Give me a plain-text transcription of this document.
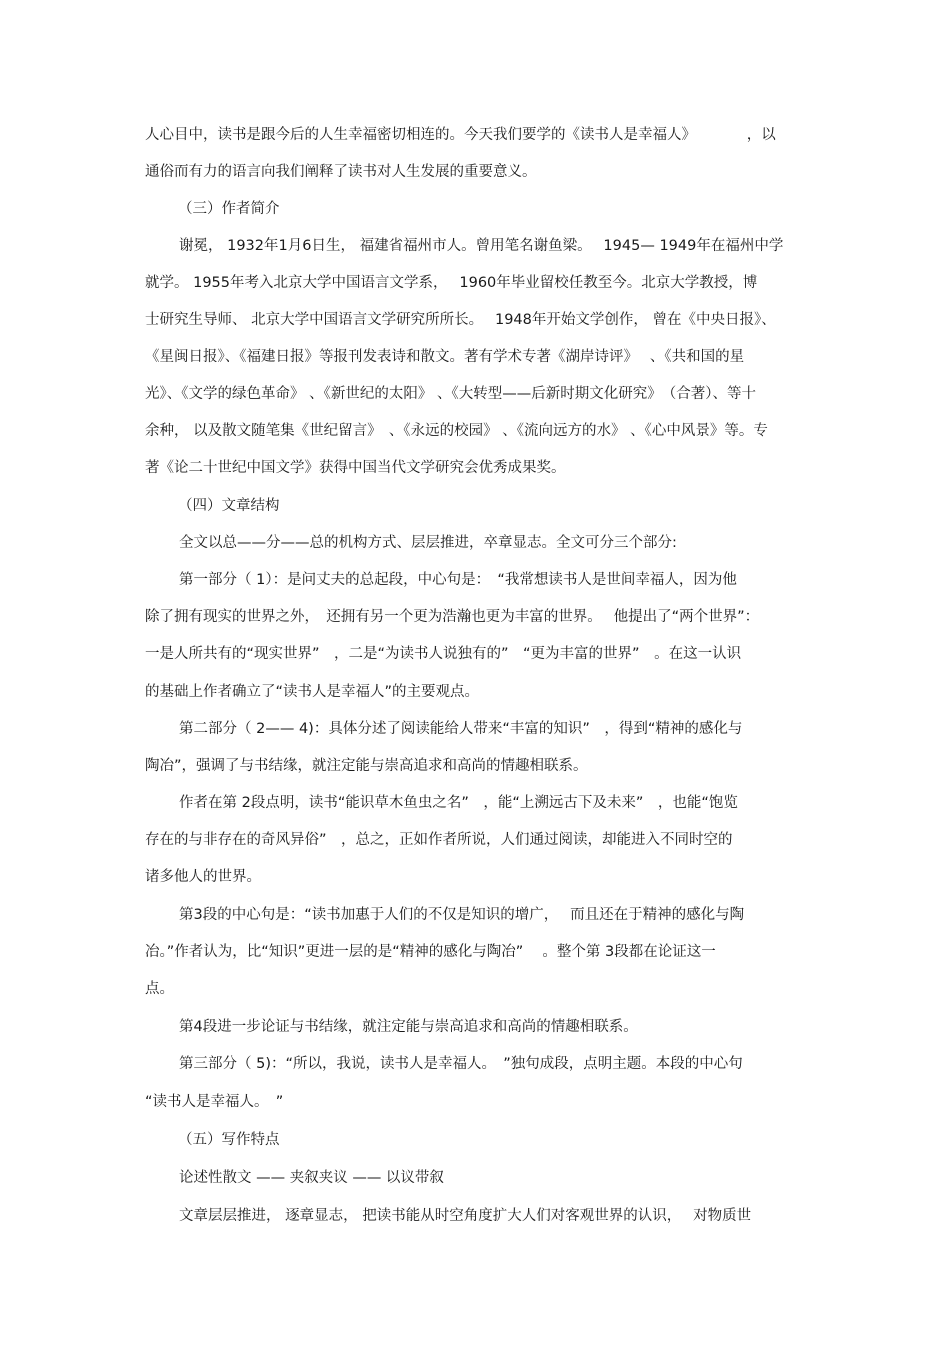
人心目中，读书是跟今后的人生幸福密切相连的。今天我们要学的《读书人是幸福人》　　　　，以
通俗而有力的语言向我们阐释了读书对人生发展的重要意义。
（三）作者简介
谢冕， 1932年1月6日生， 福建省福州市人。曾用笔名谢鱼梁。　 1945— 1949年在福州中学
就学。 1955年考入北京大学中国语言文学系，　 1960年毕业留校任教至今。北京大学教授，博
士研究生导师、 北京大学中国语言文学研究所所长。　 1948年开始文学创作， 曾在《中央日报》、
《星闽日报》、《福建日报》等报刊发表诗和散文。著有学术专著《湖岸诗评》　 、《共和国的星
光》、《文学的绿色革命》 、《新世纪的太阳》 、《大转型——后新时期文化研究》　（合著）、等十
余种， 以及散文随笔集《世纪留言》　、《永远的校园》 、《流向远方的水》 、《心中风景》等。专
著《论二十世纪中国文学》获得中国当代文学研究会优秀成果奖。
（四）文章结构
全文以总——分——总的机构方式、层层推进，卒章显志。全文可分三个部分:
第一部分（ 1）：是问丈夫的总起段，中心句是：　“我常想读书人是世间幸福人，因为他
除了拥有现实的世界之外，　还拥有另一个更为浩瀚也更为丰富的世界。　 他提出了“两个世界”：
一是人所共有的“现实世界”　，二是“为读书人说独有的”　“更为丰富的世界”　。在这一认识
的基础上作者确立了“读书人是幸福人”的主要观点。
第二部分（ 2—— 4)：具体分述了阅读能给人带来“丰富的知识”　，得到“精神的感化与
陶冶”，强调了与书结缘，就注定能与崇高追求和高尚的情趣相联系。
作者在第 2段点明，读书“能识草木鱼虫之名”　，能“上溯远古下及未来”　，也能“饱览
存在的与非存在的奇风异俗”　，总之，正如作者所说，人们通过阅读，却能进入不同时空的
诸多他人的世界。
第3段的中心句是：“读书加惠于人们的不仅是知识的增广，　 而且还在于精神的感化与陶
冶。”作者认为，比“知识”更进一层的是“精神的感化与陶冶”　 。整个第 3段都在论证这一
点。
第4段进一步论证与书结缘，就注定能与崇高追求和高尚的情趣相联系。
第三部分（ 5)：“所以，我说，读书人是幸福人。　”独句成段，点明主题。本段的中心句
“读书人是幸福人。　”
（五）写作特点
论述性散文 —— 夹叙夹议 —— 以议带叙
文章层层推进， 逐章显志， 把读书能从时空角度扩大人们对客观世界的认识，　 对物质世
